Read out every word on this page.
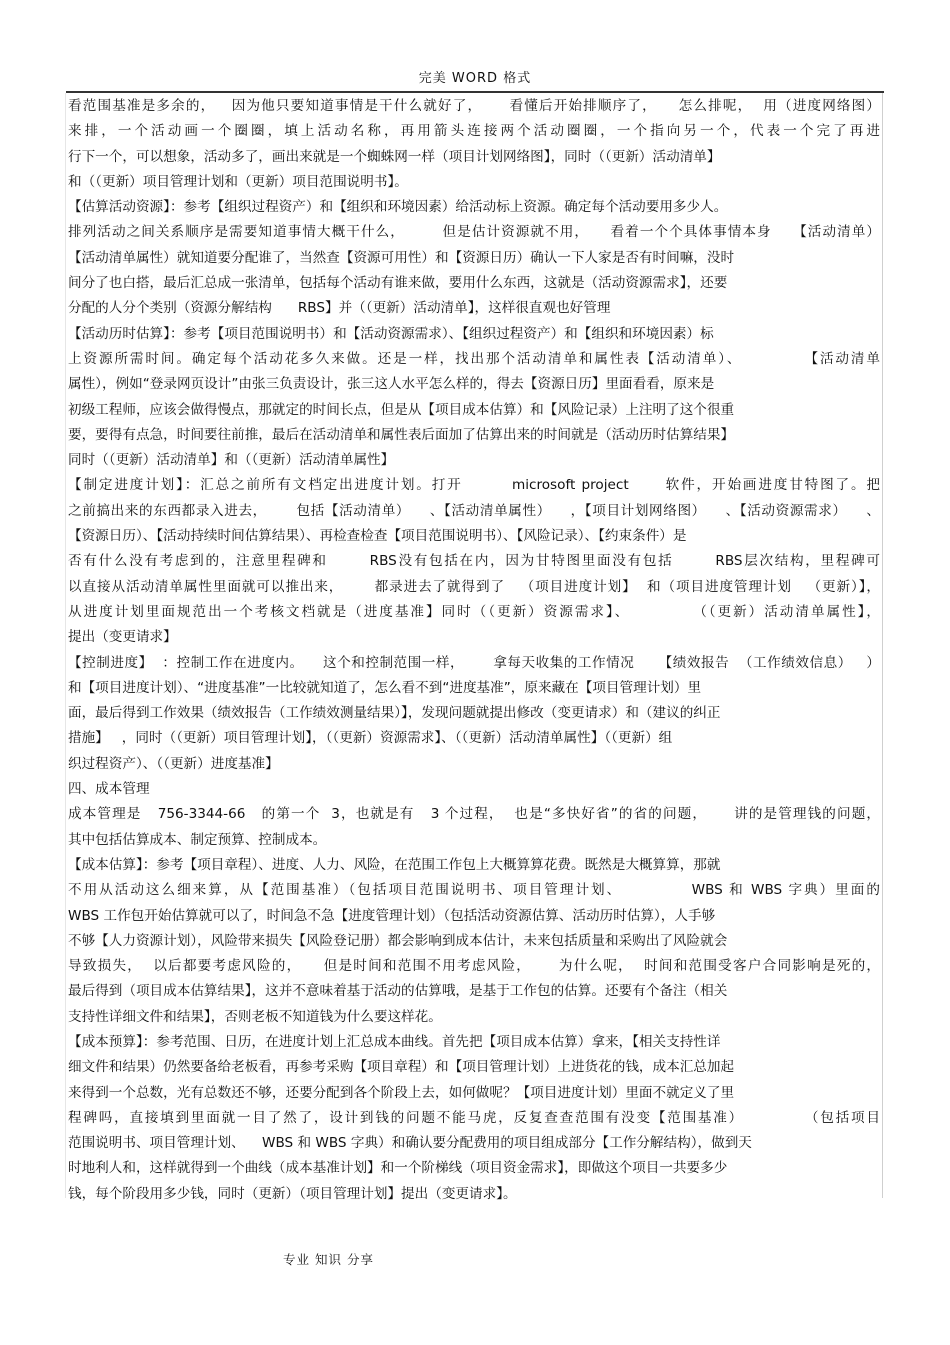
完美 WORD 格式
看范围基准是多余的，   因为他只要知道事情是干什么就好了，     看懂后开始排顺序了，    怎么排呢，  用（进度网络图）
来排，一个活动画一个圈圈，填上活动名称，再用箭头连接两个活动圈圈，一个指向另一个，代表一个完了再进
行下一个，可以想象，活动多了，画出来就是一个蜘蛛网一样（项目计划网络图】，同时（（更新）活动清单】
和（（更新）项目管理计划和（更新）项目范围说明书】。
【估算活动资源】：参考【组织过程资产）和【组织和环境因素）给活动标上资源。确定每个活动要用多少人。
排列活动之间关系顺序是需要知道事情大概干什么，       但是估计资源就不用，    看着一个个具体事情本身    【活动清单）
【活动清单属性）就知道要分配谁了，当然查【资源可用性）和【资源日历）确认一下人家是否有时间嘛，没时
间分了也白搭，最后汇总成一张清单，包括每个活动有谁来做，要用什么东西，这就是（活动资源需求】，还要
分配的人分个类别（资源分解结构      RBS】并（（更新）活动清单】，这样很直观也好管理
【活动历时估算】：参考【项目范围说明书）和【活动资源需求）、【组织过程资产）和【组织和环境因素）标
上资源所需时间。确定每个活动花多久来做。还是一样，找出那个活动清单和属性表【活动清单）、          【活动清单
属性），例如“登录网页设计”由张三负责设计，张三这人水平怎么样的，得去【资源日历】里面看看，原来是
初级工程师，应该会做得慢点，那就定的时间长点，但是从【项目成本估算）和【风险记录）上注明了这个很重
要，要得有点急，时间要往前推，最后在活动清单和属性表后面加了估算出来的时间就是（活动历时估算结果】
同时（（更新）活动清单】和（（更新）活动清单属性】
【制定进度计划】：汇总之前所有文档定出进度计划。打开        microsoft project      软件，开始画进度甘特图了。把
之前搞出来的东西都录入进去，      包括【活动清单）    、【活动清单属性）    ，【项目计划网络图）    、【活动资源需求）    、
【资源日历）、【活动持续时间估算结果）、再检查检查【项目范围说明书）、【风险记录）、【约束条件）是
否有什么没有考虑到的，注意里程碑和       RBS没有包括在内，因为甘特图里面没有包括       RBS层次结构，里程碑可
以直接从活动清单属性里面就可以推出来，      都录进去了就得到了   （项目进度计划】  和（项目进度管理计划   （更新）】，
从进度计划里面规范出一个考核文档就是（进度基准】同时（（更新）资源需求】、          （（更新）活动清单属性】，
提出（变更请求】
【控制进度】  ：控制工作在进度内。    这个和控制范围一样，      拿每天收集的工作情况     【绩效报告  （工作绩效信息）   ）
和【项目进度计划）、“进度基准”一比较就知道了，怎么看不到“进度基准”，原来藏在【项目管理计划）里
面，最后得到工作效果（绩效报告（工作绩效测量结果）】，发现问题就提出修改（变更请求）和（建议的纠正
措施】   ，同时（（更新）项目管理计划】，（（更新）资源需求】、（（更新）活动清单属性】（（更新）组
织过程资产）、（（更新）进度基准】
四、成本管理
成本管理是   756-3344-66   的第一个  3，也就是有   3 个过程，  也是“多快好省”的省的问题，     讲的是管理钱的问题，
其中包括估算成本、制定预算、控制成本。
【成本估算】：参考【项目章程）、进度、人力、风险，在范围工作包上大概算算花费。既然是大概算算，那就
不用从活动这么细来算，从【范围基准）（包括项目范围说明书、项目管理计划、           WBS 和 WBS 字典）里面的
WBS 工作包开始估算就可以了，时间急不急【进度管理计划）（包括活动资源估算、活动历时估算），人手够
不够【人力资源计划），风险带来损失【风险登记册）都会影响到成本估计，未来包括质量和采购出了风险就会
导致损失，  以后都要考虑风险的，    但是时间和范围不用考虑风险，     为什么呢，  时间和范围受客户合同影响是死的，
最后得到（项目成本估算结果】，这并不意味着基于活动的估算哦，是基于工作包的估算。还要有个备注（相关
支持性详细文件和结果】，否则老板不知道钱为什么要这样花。
【成本预算】：参考范围、日历，在进度计划上汇总成本曲线。首先把【项目成本估算）拿来，【相关支持性详
细文件和结果）仍然要备给老板看，再参考采购【项目章程）和【项目管理计划）上进货花的钱，成本汇总加起
来得到一个总数，光有总数还不够，还要分配到各个阶段上去，如何做呢？【项目进度计划）里面不就定义了里
程碑吗，直接填到里面就一目了然了，设计到钱的问题不能马虎，反复查查范围有没变【范围基准）          （包括项目
范围说明书、项目管理计划、    WBS 和 WBS 字典）和确认要分配费用的项目组成部分【工作分解结构），做到天
时地利人和，这样就得到一个曲线（成本基准计划】和一个阶梯线（项目资金需求】，即做这个项目一共要多少
钱，每个阶段用多少钱，同时（更新）（项目管理计划】提出（变更请求】。
专业 知识 分享
